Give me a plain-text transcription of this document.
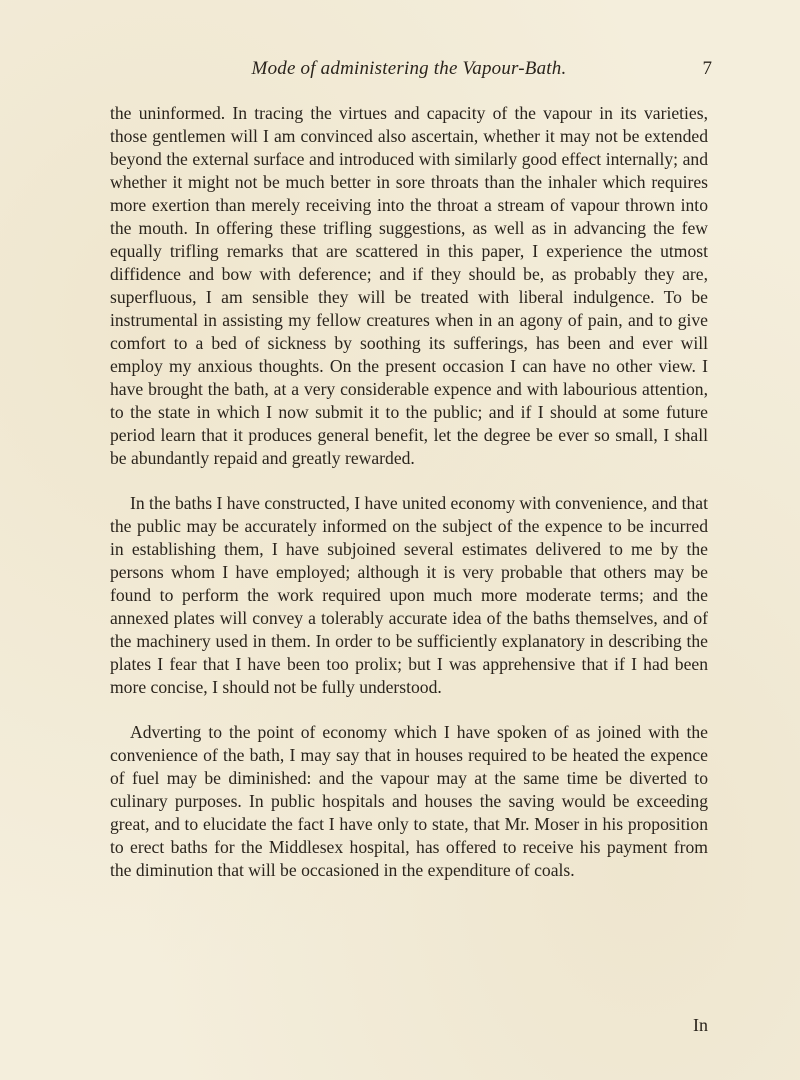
Mode of administering the Vapour-Bath.	7

the uninformed. In tracing the virtues and capacity of the vapour in its varieties, those gentlemen will I am convinced also ascertain, whether it may not be extended beyond the external surface and introduced with similarly good effect internally; and whether it might not be much better in sore throats than the inhaler which requires more exertion than merely receiving into the throat a stream of vapour thrown into the mouth. In offering these trifling suggestions, as well as in advancing the few equally trifling remarks that are scattered in this paper, I experience the utmost diffidence and bow with deference; and if they should be, as probably they are, superfluous, I am sensible they will be treated with liberal indulgence. To be instrumental in assisting my fellow creatures when in an agony of pain, and to give comfort to a bed of sickness by soothing its sufferings, has been and ever will employ my anxious thoughts. On the present occasion I can have no other view. I have brought the bath, at a very considerable expence and with labourious attention, to the state in which I now submit it to the public; and if I should at some future period learn that it produces general benefit, let the degree be ever so small, I shall be abundantly repaid and greatly rewarded.

In the baths I have constructed, I have united economy with convenience, and that the public may be accurately informed on the subject of the expence to be incurred in establishing them, I have subjoined several estimates delivered to me by the persons whom I have employed; although it is very probable that others may be found to perform the work required upon much more moderate terms; and the annexed plates will convey a tolerably accurate idea of the baths themselves, and of the machinery used in them. In order to be sufficiently explanatory in describing the plates I fear that I have been too prolix; but I was apprehensive that if I had been more concise, I should not be fully understood.

Adverting to the point of economy which I have spoken of as joined with the convenience of the bath, I may say that in houses required to be heated the expence of fuel may be diminished: and the vapour may at the same time be diverted to culinary purposes. In public hospitals and houses the saving would be exceeding great, and to elucidate the fact I have only to state, that Mr. Moser in his proposition to erect baths for the Middlesex hospital, has offered to receive his payment from the diminution that will be occasioned in the expenditure of coals.

In
